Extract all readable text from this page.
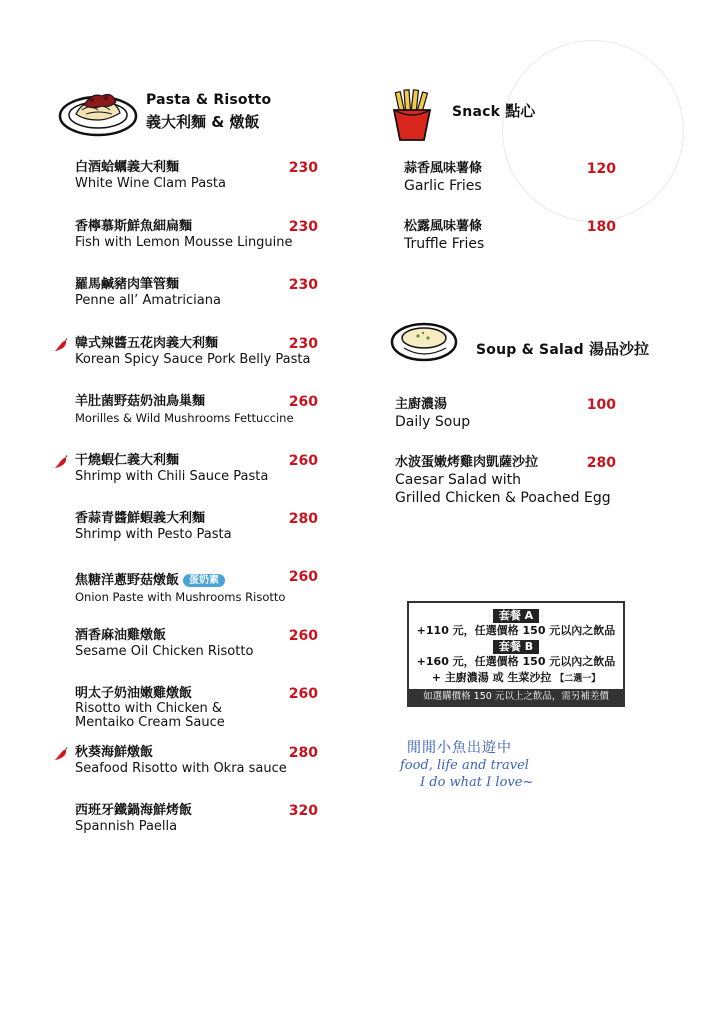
Pasta & Risotto
義大利麵 & 燉飯
白酒蛤蠣義大利麵
White Wine Clam Pasta
230
香檸慕斯鮮魚細扁麵
Fish with Lemon Mousse Linguine
230
羅馬鹹豬肉筆管麵
Penne all’ Amatriciana
230
韓式辣醬五花肉義大利麵
Korean Spicy Sauce Pork Belly Pasta
230
羊肚菌野菇奶油鳥巢麵
Morilles & Wild Mushrooms Fettuccine
260
干燒蝦仁義大利麵
Shrimp with Chili Sauce Pasta
260
香蒜青醬鮮蝦義大利麵
Shrimp with Pesto Pasta
280
焦糖洋蔥野菇燉飯 蛋奶素
Onion Paste with Mushrooms Risotto
260
酒香麻油雞燉飯
Sesame Oil Chicken Risotto
260
明太子奶油嫩雞燉飯
Risotto with Chicken &
Mentaiko Cream Sauce
260
秋葵海鮮燉飯
Seafood Risotto with Okra sauce
280
西班牙鐵鍋海鮮烤飯
Spannish Paella
320
Snack 點心
蒜香風味薯條
Garlic Fries
120
松露風味薯條
Truffle Fries
180
Soup & Salad 湯品沙拉
主廚濃湯
Daily Soup
100
水波蛋嫩烤雞肉凱薩沙拉
Caesar Salad with
Grilled Chicken & Poached Egg
280
套餐 A
+110 元，任選價格 150 元以內之飲品
套餐 B
+160 元，任選價格 150 元以內之飲品
+ 主廚濃湯 或 生菜沙拉 【二選一】
如選購價格 150 元以上之飲品，需另補差價
閒閒小魚出遊中
food, life and travel
I do what I love~
